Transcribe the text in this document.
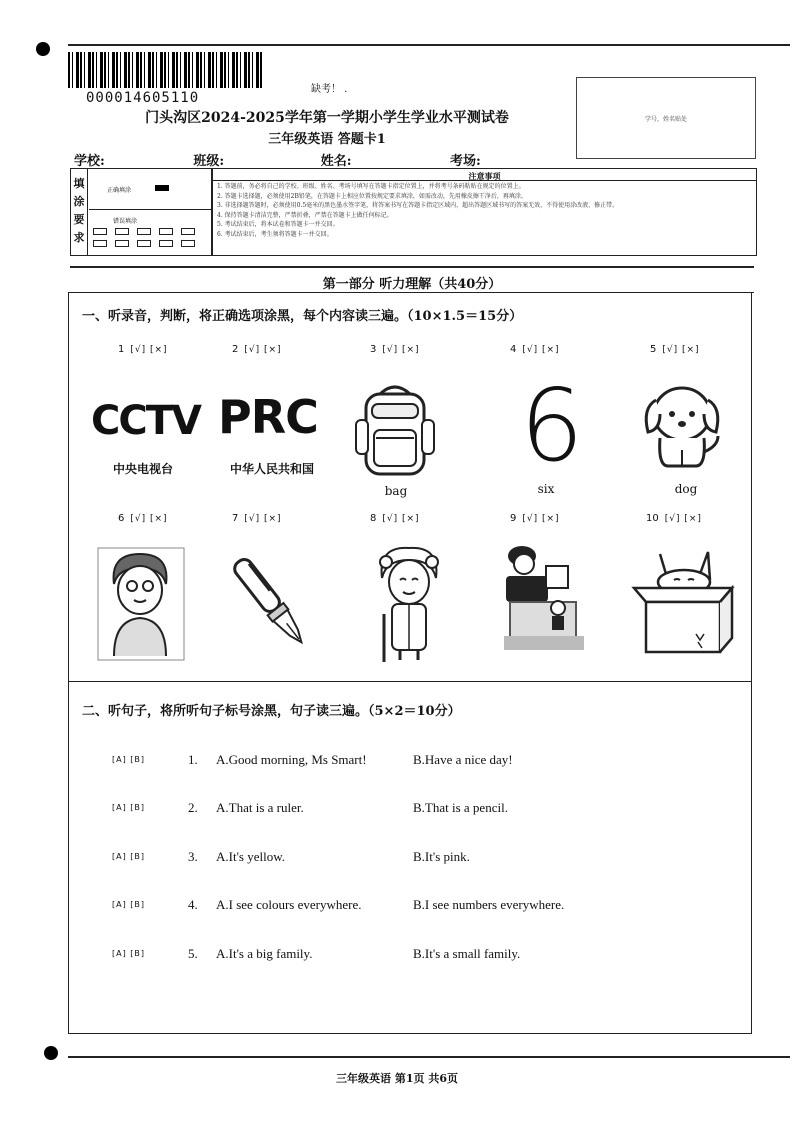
000014605110
缺考！ .
门头沟区2024-2025学年第一学期小学生学业水平测试卷
三年级英语 答题卡1
学号，姓名贴处
学校:	班级:	姓名:	考场:
填涂要求
正确填涂
错误填涂
注意事项
1. 答题前，务必将自己的学校、班级、姓名、考场号填写在答题卡指定位置上，并将考号条码粘贴在规定的位置上。
2. 答题卡选择题，必须使用2B铅笔，在答题卡上相应位置按规定要求填涂，如需改动，先用橡皮擦干净后，再填涂。
3. 非选择题答题时，必须使用0.5毫米的黑色墨水签字笔，将答案书写在答题卡指定区域内，超出答题区域书写的答案无效，不得使用涂改液、修正带。
4. 保持答题卡清洁完整，严禁折叠，严禁在答题卡上做任何标记。
5. 考试结束后，将本试卷和答题卡一并交回。
6. 考试结束后，考生须将答题卡一并交回。
第一部分 听力理解（共40分）
一、听录音，判断，将正确选项涂黑，每个内容读三遍。（10×1.5＝15分）
1 [√] [×]	2 [√] [×]	3 [√] [×]	4 [√] [×]	5 [√] [×]
CCTV
中央电视台
PRC
中华人民共和国
bag
6
six	dog
6 [√] [×]	7 [√] [×]	8 [√] [×]	9 [√] [×]	10 [√] [×]
二、听句子，将所听句子标号涂黑，句子读三遍。（5×2＝10分）
[A] [B]	1. A.Good morning, Ms Smart!	B.Have a nice day!
[A] [B]	2. A.That is a ruler.	B.That is a pencil.
[A] [B]	3. A.It's yellow.	B.It's pink.
[A] [B]	4. A.I see colours everywhere.	B.I see numbers everywhere.
[A] [B]	5. A.It's a big family.	B.It's a small family.
三年级英语 第1页 共6页
